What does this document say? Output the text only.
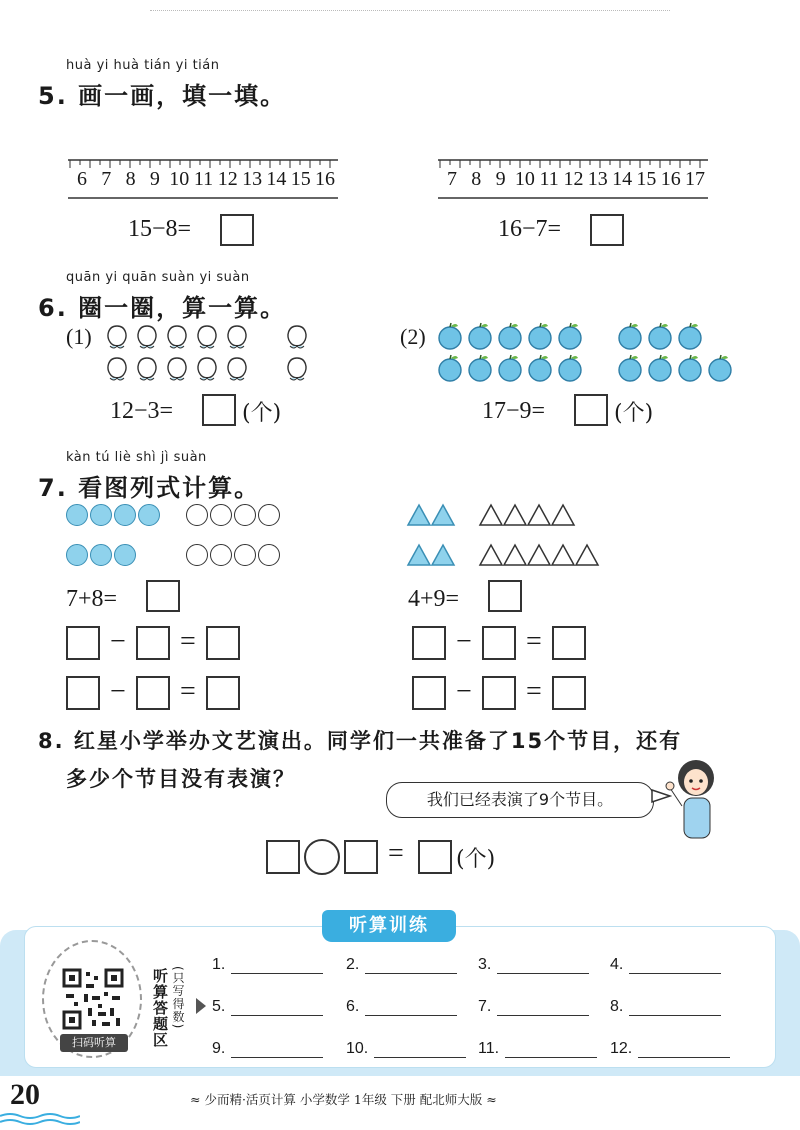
huà yi huà tián yi tián
5. 画一画，填一填。
6 7 8 9 10 11 12 13 14 15 16	7 8 9 10 11 12 13 14 15 16 17
15−8=	16−7=
quān yi quān suàn yi suàn
6. 圈一圈，算一算。
(1)	(2)
12−3=	(个)	17−9=	(个)
kàn tú liè shì jì suàn
7. 看图列式计算。
7+8=	4+9=
− =
− =
− =
− =
8. 红星小学举办文艺演出。同学们一共准备了15个节目，还有
多少个节目没有表演？
我们已经表演了9个节目。
= (个)
听算训练
扫码听算	听算答题区 (只写得数)
1.	2.	3.	4.
5.	6.	7.	8.
9.	10.	11.	12.
20	≈ 少而精·活页计算 小学数学 1年级 下册 配北师大版 ≈
